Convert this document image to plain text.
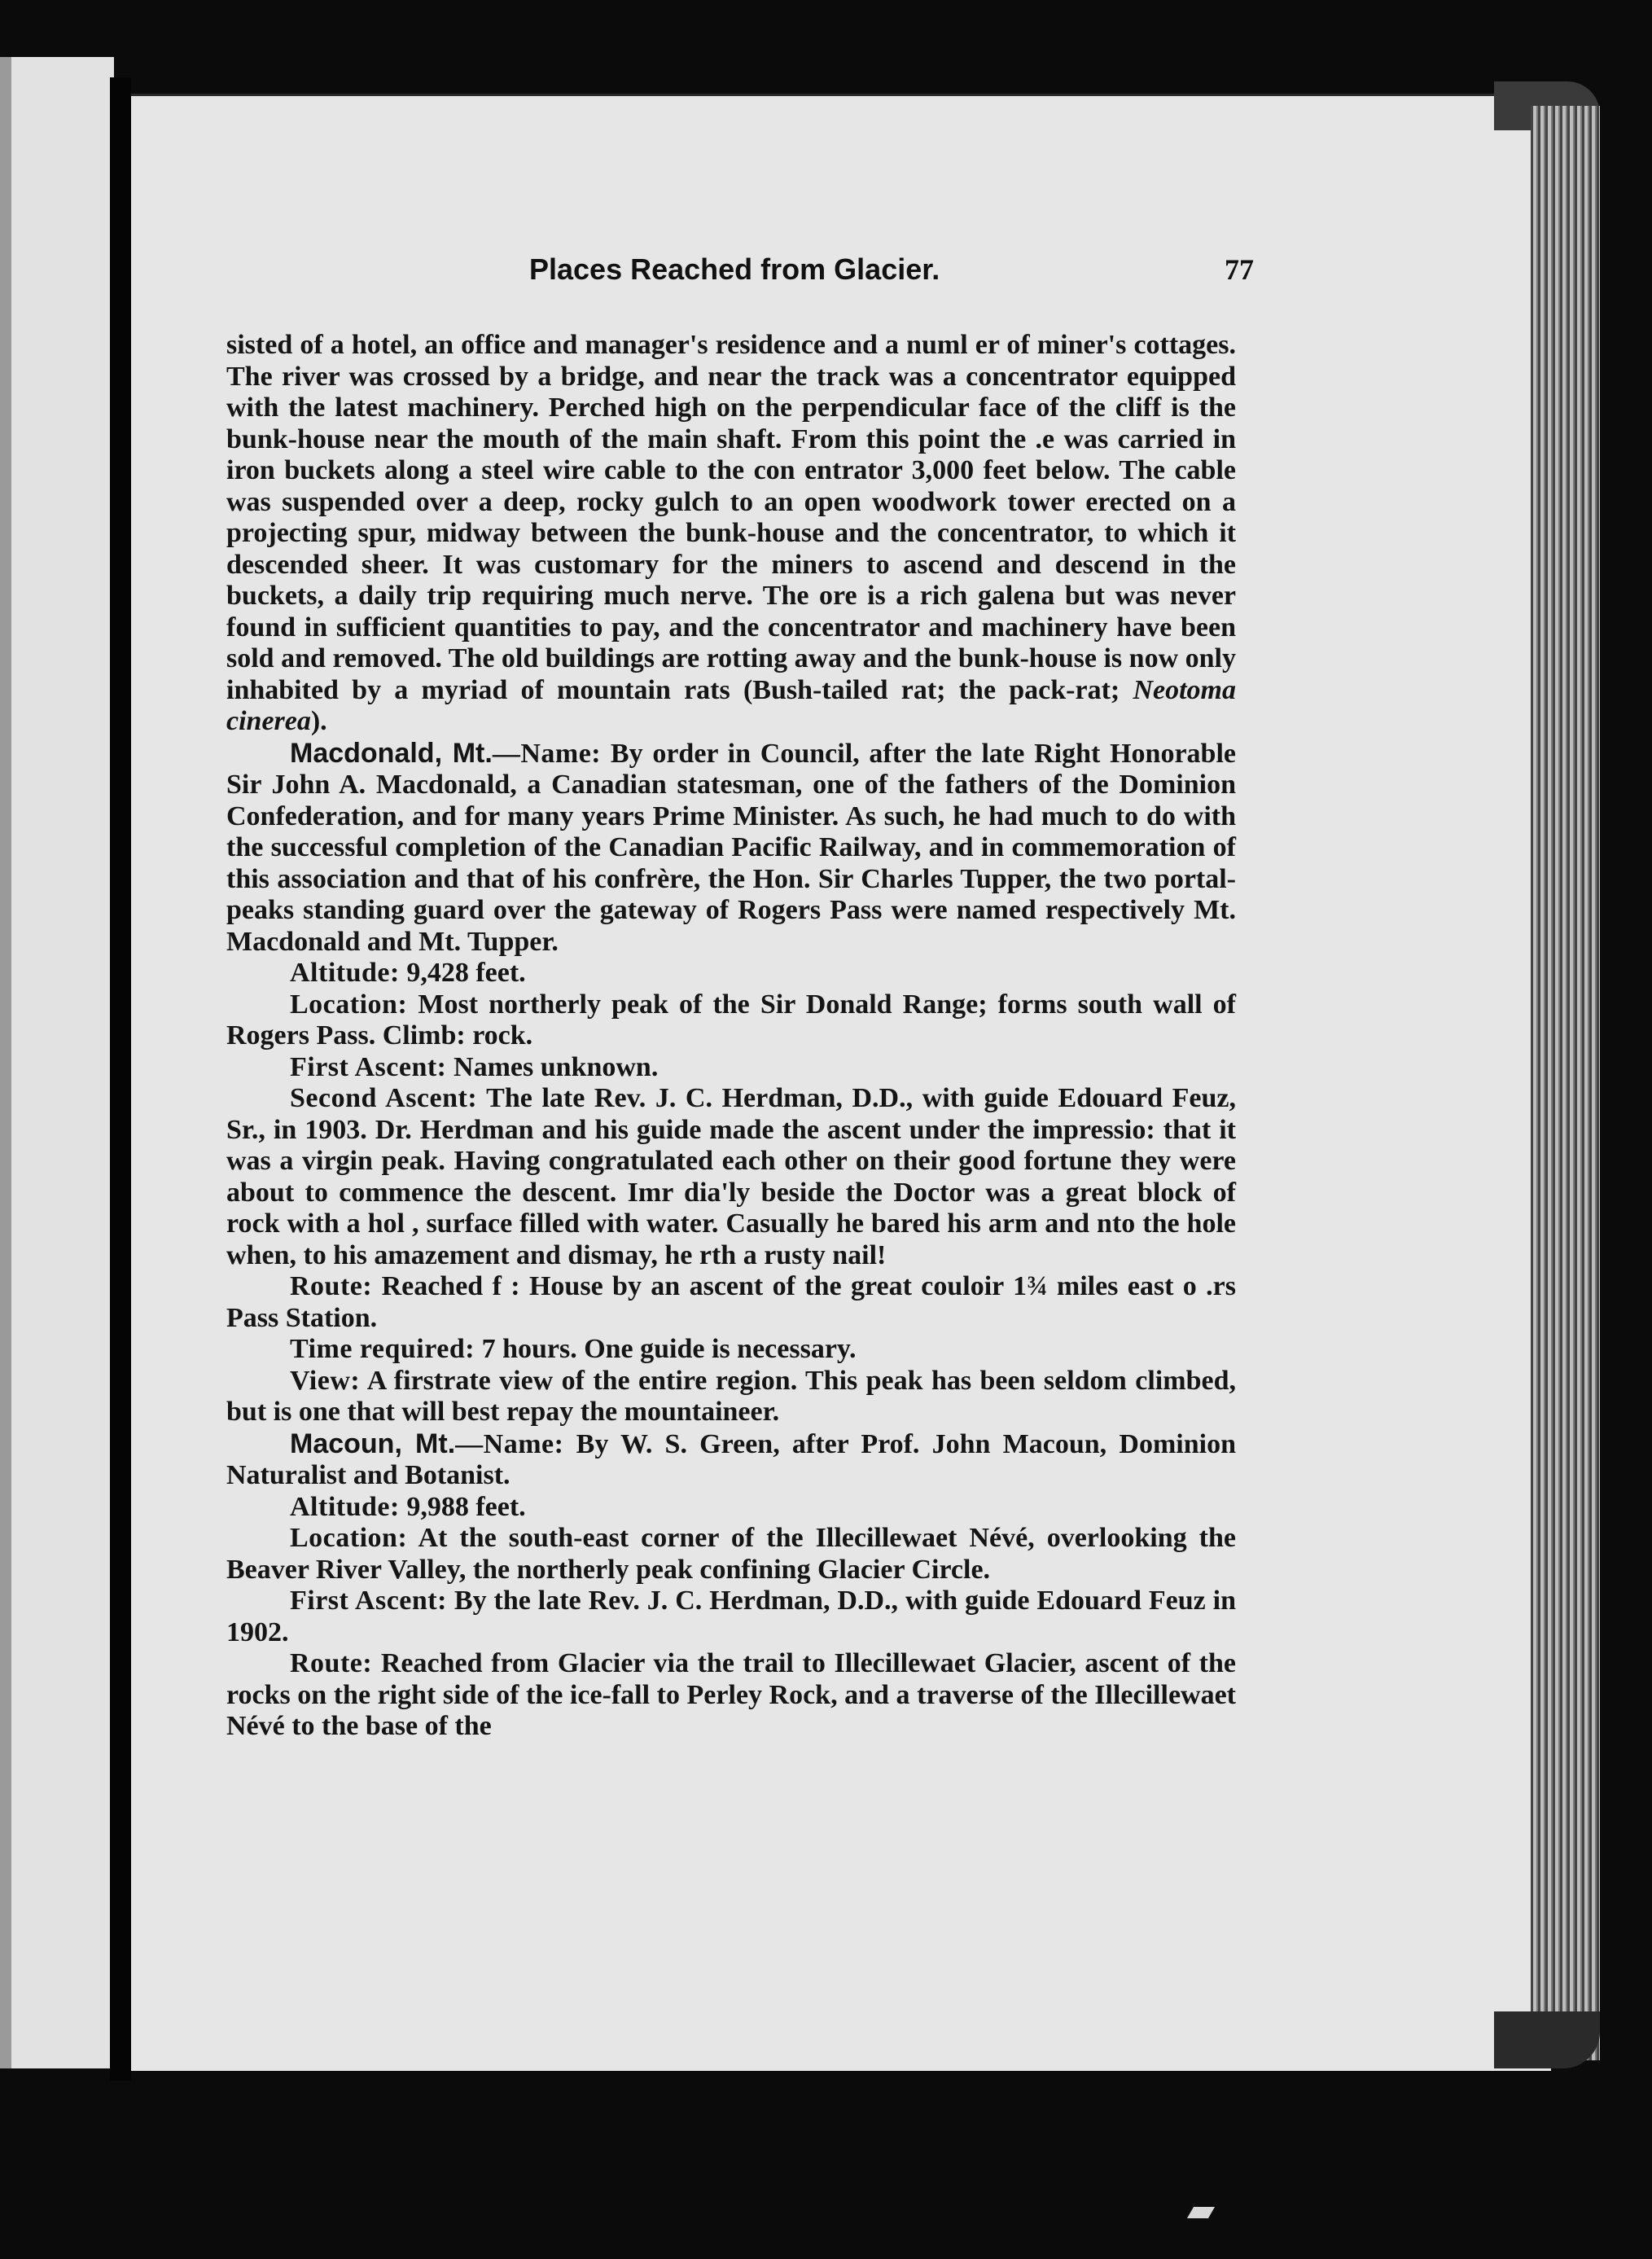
Places Reached from Glacier.	77

sisted of a hotel, an office and manager's residence and a numl er of miner's cottages. The river was crossed by a bridge, and near the track was a concentrator equipped with the latest machinery. Perched high on the perpendicular face of the cliff is the bunk-house near the mouth of the main shaft. From this point the .e was carried in iron buckets along a steel wire cable to the con entrator 3,000 feet below. The cable was suspended over a deep, rocky gulch to an open woodwork tower erected on a projecting spur, midway between the bunk-house and the concentrator, to which it descended sheer. It was customary for the miners to ascend and descend in the buckets, a daily trip requiring much nerve. The ore is a rich galena but was never found in sufficient quantities to pay, and the concentrator and machinery have been sold and removed. The old buildings are rotting away and the bunk-house is now only inhabited by a myriad of mountain rats (Bush-tailed rat; the pack-rat; Neotoma cinerea).

Macdonald, Mt.—Name: By order in Council, after the late Right Honorable Sir John A. Macdonald, a Canadian statesman, one of the fathers of the Dominion Confederation, and for many years Prime Minister. As such, he had much to do with the successful completion of the Canadian Pacific Railway, and in commemoration of this association and that of his confrère, the Hon. Sir Charles Tupper, the two portal-peaks standing guard over the gateway of Rogers Pass were named respectively Mt. Macdonald and Mt. Tupper.

Altitude: 9,428 feet.

Location: Most northerly peak of the Sir Donald Range; forms south wall of Rogers Pass. Climb: rock.

First Ascent: Names unknown.

Second Ascent: The late Rev. J. C. Herdman, D.D., with guide Edouard Feuz, Sr., in 1903. Dr. Herdman and his guide made the ascent under the impressio: that it was a virgin peak. Having congratulated each other on their good fortune they were about to commence the descent. Imr dia'ly beside the Doctor was a great block of rock with a hol , surface filled with water. Casually he bared his arm and nto the hole when, to his amazement and dismay, he rth a rusty nail!

Route: Reached f : House by an ascent of the great couloir 1¾ miles east o .rs Pass Station.

Time required: 7 hours. One guide is necessary.

View: A firstrate view of the entire region. This peak has been seldom climbed, but is one that will best repay the mountaineer.

Macoun, Mt.—Name: By W. S. Green, after Prof. John Macoun, Dominion Naturalist and Botanist.

Altitude: 9,988 feet.

Location: At the south-east corner of the Illecillewaet Névé, overlooking the Beaver River Valley, the northerly peak confining Glacier Circle.

First Ascent: By the late Rev. J. C. Herdman, D.D., with guide Edouard Feuz in 1902.

Route: Reached from Glacier via the trail to Illecillewaet Glacier, ascent of the rocks on the right side of the ice-fall to Perley Rock, and a traverse of the Illecillewaet Névé to the base of the
